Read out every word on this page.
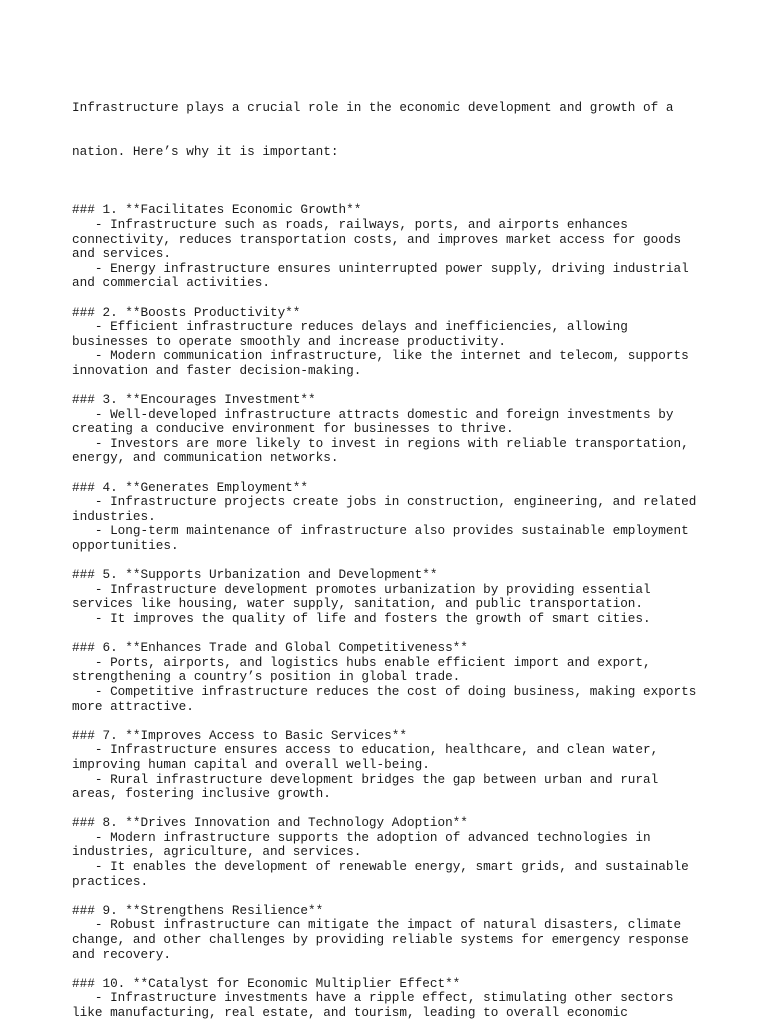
Infrastructure plays a crucial role in the economic development and growth of a

nation. Here’s why it is important:

### 1. **Facilitates Economic Growth**
- Infrastructure such as roads, railways, ports, and airports enhances
connectivity, reduces transportation costs, and improves market access for goods
and services.
- Energy infrastructure ensures uninterrupted power supply, driving industrial
and commercial activities.
### 2. **Boosts Productivity**
- Efficient infrastructure reduces delays and inefficiencies, allowing
businesses to operate smoothly and increase productivity.
- Modern communication infrastructure, like the internet and telecom, supports
innovation and faster decision-making.
### 3. **Encourages Investment**
- Well-developed infrastructure attracts domestic and foreign investments by
creating a conducive environment for businesses to thrive.
- Investors are more likely to invest in regions with reliable transportation,
energy, and communication networks.
### 4. **Generates Employment**
- Infrastructure projects create jobs in construction, engineering, and related
industries.
- Long-term maintenance of infrastructure also provides sustainable employment
opportunities.
### 5. **Supports Urbanization and Development**
- Infrastructure development promotes urbanization by providing essential
services like housing, water supply, sanitation, and public transportation.
- It improves the quality of life and fosters the growth of smart cities.
### 6. **Enhances Trade and Global Competitiveness**
- Ports, airports, and logistics hubs enable efficient import and export,
strengthening a country’s position in global trade.
- Competitive infrastructure reduces the cost of doing business, making exports
more attractive.
### 7. **Improves Access to Basic Services**
- Infrastructure ensures access to education, healthcare, and clean water,
improving human capital and overall well-being.
- Rural infrastructure development bridges the gap between urban and rural
areas, fostering inclusive growth.
### 8. **Drives Innovation and Technology Adoption**
- Modern infrastructure supports the adoption of advanced technologies in
industries, agriculture, and services.
- It enables the development of renewable energy, smart grids, and sustainable
practices.
### 9. **Strengthens Resilience**
- Robust infrastructure can mitigate the impact of natural disasters, climate
change, and other challenges by providing reliable systems for emergency response
and recovery.
### 10. **Catalyst for Economic Multiplier Effect**
- Infrastructure investments have a ripple effect, stimulating other sectors
like manufacturing, real estate, and tourism, leading to overall economic
